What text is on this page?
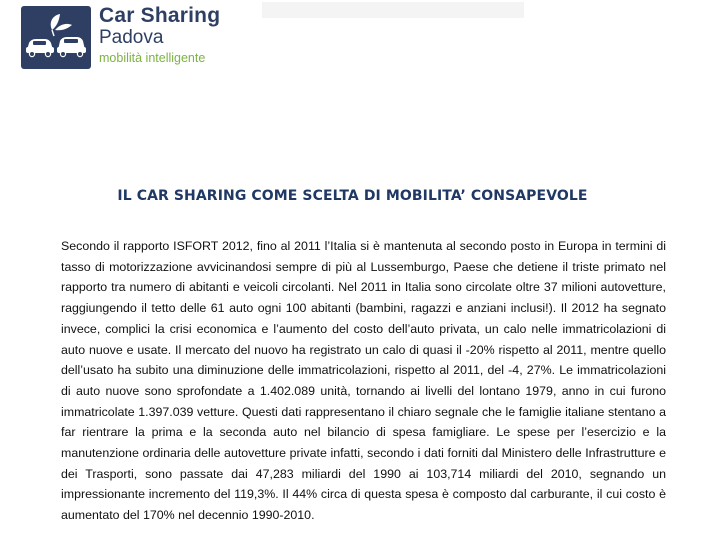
Car Sharing
Padova
mobilità intelligente
IL CAR SHARING COME SCELTA DI MOBILITA’ CONSAPEVOLE

Secondo il rapporto ISFORT 2012, fino al 2011 l’Italia si è mantenuta al secondo posto in Europa in termini di tasso di motorizzazione avvicinandosi sempre di più al Lussemburgo, Paese che detiene il triste primato nel rapporto tra numero di abitanti e veicoli circolanti. Nel 2011 in Italia sono circolate oltre 37 milioni autovetture, raggiungendo il tetto delle 61 auto ogni 100 abitanti (bambini, ragazzi e anziani inclusi!). Il 2012 ha segnato invece, complici la crisi economica e l’aumento del costo dell’auto privata, un calo nelle immatricolazioni di auto nuove e usate. Il mercato del nuovo ha registrato un calo di quasi il -20% rispetto al 2011, mentre quello dell’usato ha subito una diminuzione delle immatricolazioni, rispetto al 2011, del -4, 27%. Le immatricolazioni di auto nuove sono sprofondate a 1.402.089 unità, tornando ai livelli del lontano 1979, anno in cui furono immatricolate 1.397.039 vetture. Questi dati rappresentano il chiaro segnale che le famiglie italiane stentano a far rientrare la prima e la seconda auto nel bilancio di spesa famigliare. Le spese per l’esercizio e la manutenzione ordinaria delle autovetture private infatti, secondo i dati forniti dal Ministero delle Infrastrutture e dei Trasporti, sono passate dai 47,283 miliardi del 1990 ai 103,714 miliardi del 2010, segnando un impressionante incremento del 119,3%. Il 44% circa di questa spesa è composto dal carburante, il cui costo è aumentato del 170% nel decennio 1990-2010.
